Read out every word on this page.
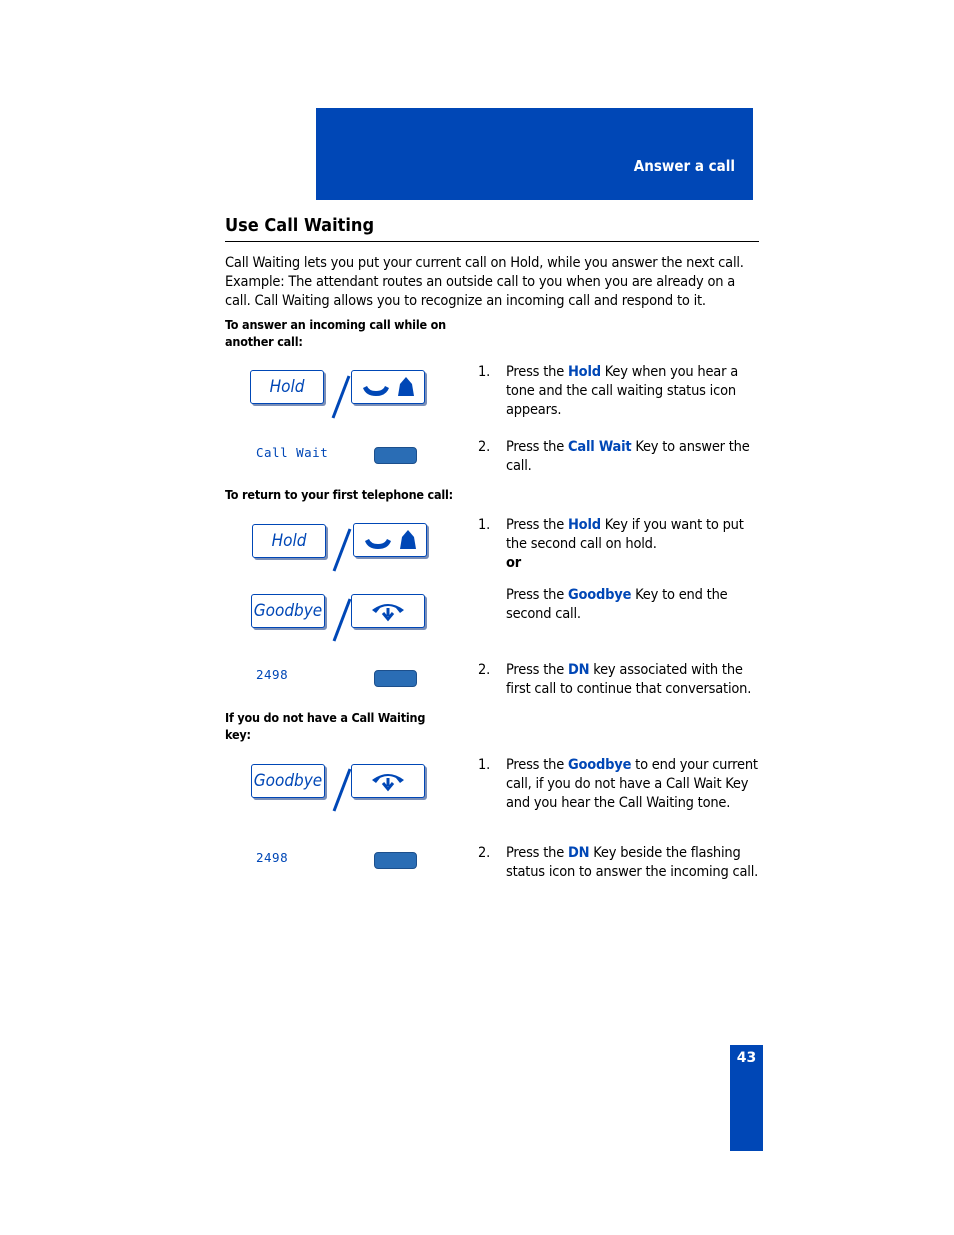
Answer a call
Use Call Waiting

Call Waiting lets you put your current call on Hold, while you answer the next call. Example: The attendant routes an outside call to you when you are already on a call. Call Waiting allows you to recognize an incoming call and respond to it.

To answer an incoming call while on another call:

Hold
Call Wait
1. Press the Hold Key when you hear a tone and the call waiting status icon appears.
2. Press the Call Wait Key to answer the call.

To return to your first telephone call:

Hold
Goodbye
2498
1. Press the Hold Key if you want to put the second call on hold.
or
Press the Goodbye Key to end the second call.
2. Press the DN key associated with the first call to continue that conversation.

If you do not have a Call Waiting key:

Goodbye
2498
1. Press the Goodbye to end your current call, if you do not have a Call Wait Key and you hear the Call Waiting tone.
2. Press the DN Key beside the flashing status icon to answer the incoming call.
43
